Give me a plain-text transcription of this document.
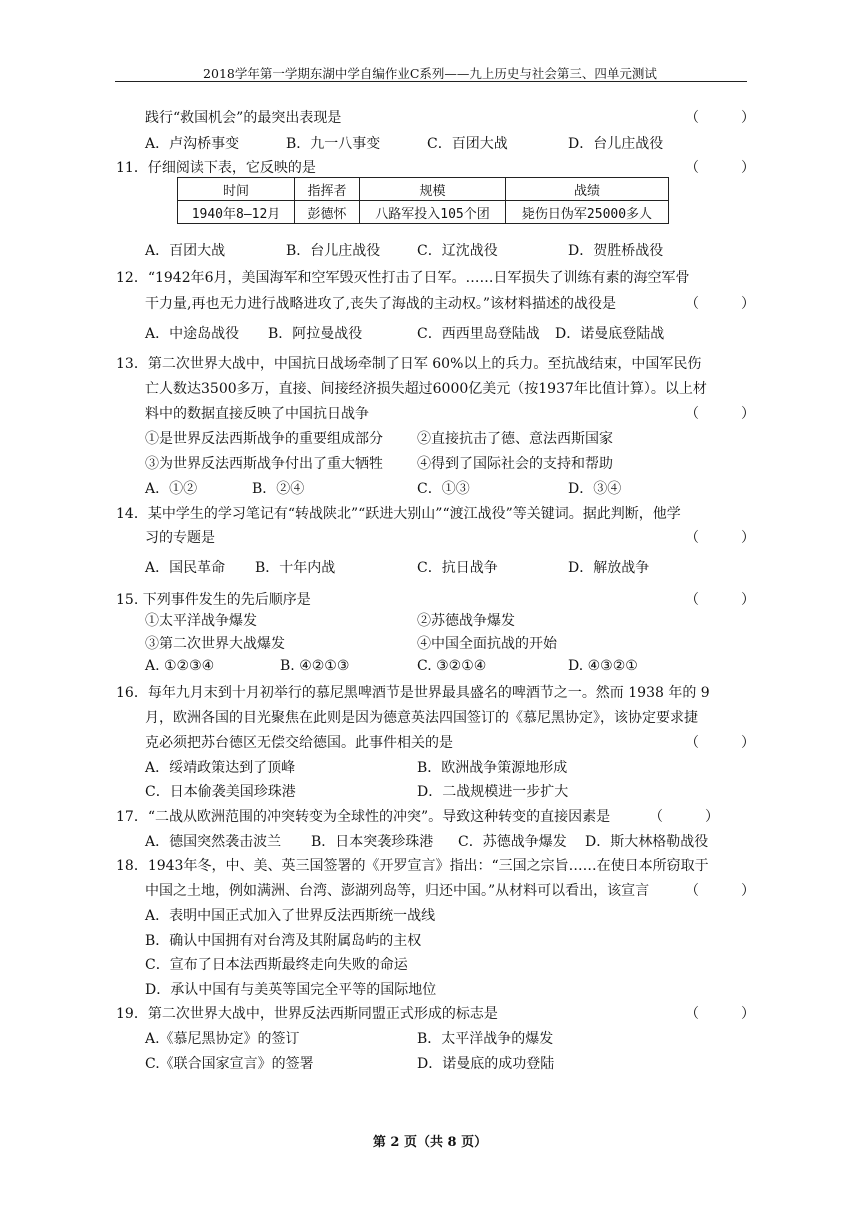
2018学年第一学期东湖中学自编作业C系列——九上历史与社会第三、四单元测试
践行“救国机会”的最突出表现是	（　　　）
A．卢沟桥事变	B．九一八事变	C．百团大战	D．台儿庄战役
11．仔细阅读下表，它反映的是	（　　　）
时间	指挥者	规模	战绩
1940年8—12月	彭德怀	八路军投入105个团	毙伤日伪军25000多人
A．百团大战	B．台儿庄战役	C．辽沈战役	D．贺胜桥战役
12．“1942年6月，美国海军和空军毁灭性打击了日军。……日军损失了训练有素的海空军骨
干力量,再也无力进行战略进攻了,丧失了海战的主动权。”该材料描述的战役是	（　　　）
A．中途岛战役 B．阿拉曼战役	C．西西里岛登陆战 D．诺曼底登陆战
13．第二次世界大战中，中国抗日战场牵制了日军 60%以上的兵力。至抗战结束，中国军民伤
亡人数达3500多万，直接、间接经济损失超过6000亿美元（按1937年比值计算）。以上材
料中的数据直接反映了中国抗日战争	（　　　）
①是世界反法西斯战争的重要组成部分 ②直接抗击了德、意法西斯国家
③为世界反法西斯战争付出了重大牺牲 ④得到了国际社会的支持和帮助
A．①②	B．②④	C．①③	D．③④
14．某中学生的学习笔记有“转战陕北”“跃进大别山”“渡江战役”等关键词。据此判断，他学
习的专题是	（　　　）
A．国民革命 B．十年内战	C．抗日战争	D．解放战争
15. 下列事件发生的先后顺序是	（　　　）
①太平洋战争爆发	②苏德战争爆发
③第二次世界大战爆发	④中国全面抗战的开始
A. ①②③④	B. ④②①③	C. ③②①④	D. ④③②①
16．每年九月末到十月初举行的慕尼黑啤酒节是世界最具盛名的啤酒节之一。然而 1938 年的 9
月，欧洲各国的目光聚焦在此则是因为德意英法四国签订的《慕尼黑协定》，该协定要求捷
克必须把苏台德区无偿交给德国。此事件相关的是	（　　　）
A．绥靖政策达到了顶峰	B．欧洲战争策源地形成
C．日本偷袭美国珍珠港	D．二战规模进一步扩大
17．“二战从欧洲范围的冲突转变为全球性的冲突”。导致这种转变的直接因素是	（　　　）
A．德国突然袭击波兰 B．日本突袭珍珠港 C．苏德战争爆发 D．斯大林格勒战役
18．1943年冬，中、美、英三国签署的《开罗宣言》指出：“三国之宗旨……在使日本所窃取于
中国之土地，例如满洲、台湾、澎湖列岛等，归还中国。”从材料可以看出，该宣言	（　　　）
A．表明中国正式加入了世界反法西斯统一战线
B．确认中国拥有对台湾及其附属岛屿的主权
C．宣布了日本法西斯最终走向失败的命运
D．承认中国有与美英等国完全平等的国际地位
19．第二次世界大战中，世界反法西斯同盟正式形成的标志是	（　　　）
A.《慕尼黑协定》的签订	B．太平洋战争的爆发
C.《联合国家宣言》的签署	D．诺曼底的成功登陆
第 2 页（共 8 页）
